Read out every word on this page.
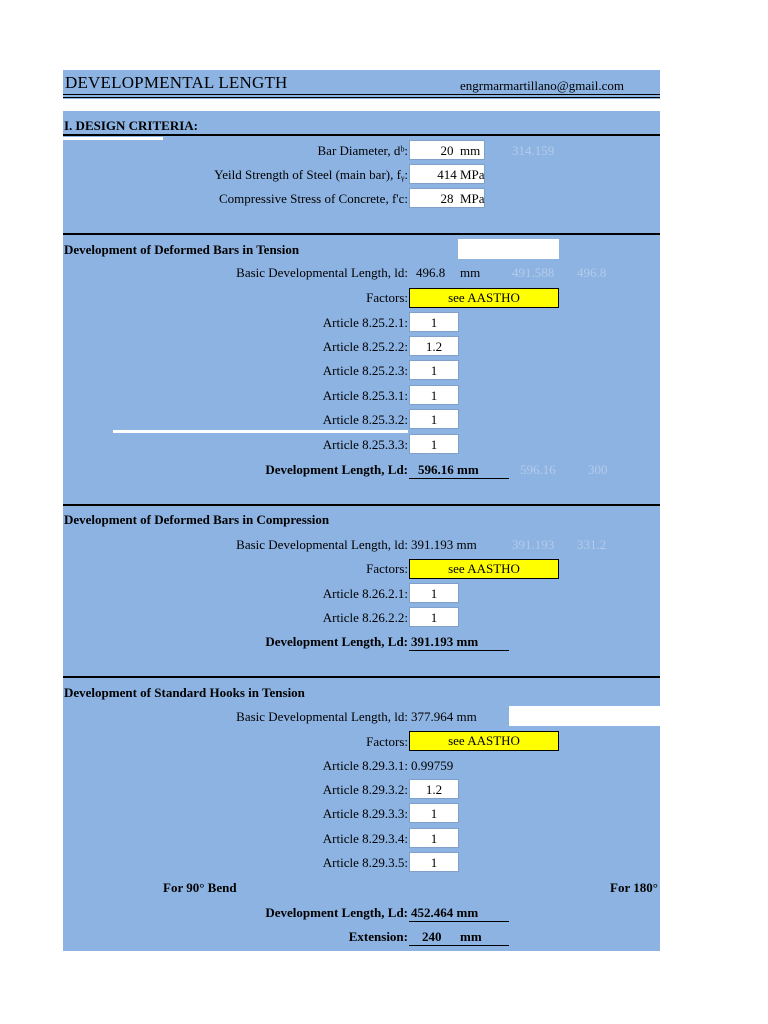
DEVELOPMENTAL LENGTH	engrmarmartillano@gmail.com
I. DESIGN CRITERIA:
Bar Diameter, dᵇ:	20 mm 314.159
Yeild Strength of Steel (main bar), fᵧ:	414 MPa
Compressive Stress of Concrete, f'c:	28 MPa
Development of Deformed Bars in Tension
Basic Developmental Length, ld: 496.8 mm 491.588 496.8
Factors:	see AASTHO
Article 8.25.2.1:	1
Article 8.25.2.2:	1.2
Article 8.25.2.3:	1
Article 8.25.3.1:	1
Article 8.25.3.2:	1
Article 8.25.3.3:	1
Development Length, Ld: 596.16 mm	596.16 300
Development of Deformed Bars in Compression
Basic Developmental Length, ld: 391.193 mm	391.193 331.2
Factors:	see AASTHO
Article 8.26.2.1:	1
Article 8.26.2.2:	1
Development Length, Ld: 391.193 mm
Development of Standard Hooks in Tension
Basic Developmental Length, ld: 377.964 mm
Factors:	see AASTHO
Article 8.29.3.1: 0.99759
Article 8.29.3.2:	1.2
Article 8.29.3.3:	1
Article 8.29.3.4:	1
Article 8.29.3.5:	1
For 90° Bend	For 180°
Development Length, Ld: 452.464 mm
Extension: 240 mm
